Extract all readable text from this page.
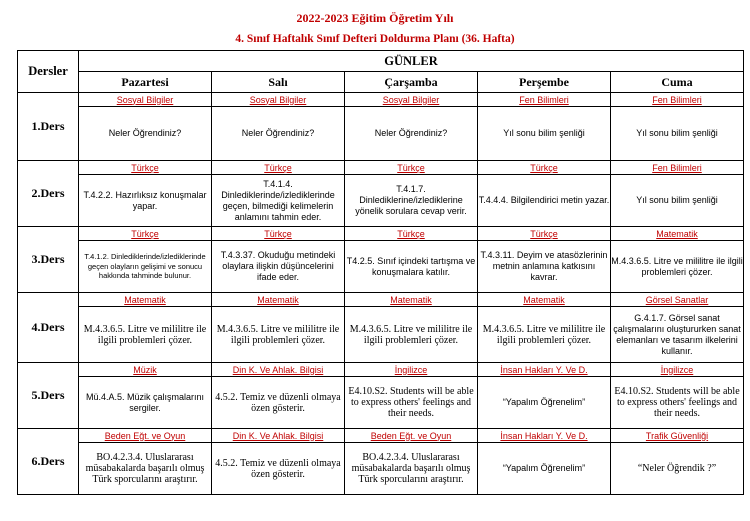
2022-2023 Eğitim Öğretim Yılı
4. Sınıf Haftalık Sınıf Defteri Doldurma Planı (36. Hafta)
Dersler	GÜNLER				
	Pazartesi	Salı	Çarşamba	Perşembe	Cuma
1.Ders	Sosyal Bilgiler	Sosyal Bilgiler	Sosyal Bilgiler	Fen Bilimleri	Fen Bilimleri
	Neler Öğrendiniz?	Neler Öğrendiniz?	Neler Öğrendiniz?	Yıl sonu bilim şenliği	Yıl sonu bilim şenliği
2.Ders	Türkçe	Türkçe	Türkçe	Türkçe	Fen Bilimleri
	T.4.2.2. Hazırlıksız konuşmalar yapar.	T.4.1.4. Dinlediklerinde/izlediklerinde geçen, bilmediği kelimelerin anlamını tahmin eder.	T.4.1.7. Dinlediklerine/izlediklerine yönelik sorulara cevap verir.	T.4.4.4. Bilgilendirici metin yazar.	Yıl sonu bilim şenliği
3.Ders	Türkçe	Türkçe	Türkçe	Türkçe	Matematik
	T.4.1.2. Dinlediklerinde/izlediklerinde geçen olayların gelişimi ve sonucu hakkında tahminde bulunur.	T.4.3.37. Okuduğu metindeki olaylara ilişkin düşüncelerini ifade eder.	T4.2.5. Sınıf içindeki tartışma ve konuşmalara katılır.	T.4.3.11. Deyim ve atasözlerinin metnin anlamına katkısını kavrar.	M.4.3.6.5. Litre ve mililitre ile ilgili problemleri çözer.
4.Ders	Matematik	Matematik	Matematik	Matematik	Görsel Sanatlar
	M.4.3.6.5. Litre ve mililitre ile ilgili problemleri çözer.	M.4.3.6.5. Litre ve mililitre ile ilgili problemleri çözer.	M.4.3.6.5. Litre ve mililitre ile ilgili problemleri çözer.	M.4.3.6.5. Litre ve mililitre ile ilgili problemleri çözer.	G.4.1.7. Görsel sanat çalışmalarını oluştururken sanat elemanları ve tasarım ilkelerini kullanır.
5.Ders	Müzik	Din K. Ve Ahlak. Bilgisi	İngilizce	İnsan Hakları Y. Ve D.	İngilizce
	Mü.4.A.5. Müzik çalışmalarını sergiler.	4.5.2. Temiz ve düzenli olmaya özen gösterir.	E4.10.S2. Students will be able to express others' feelings and their needs.	“Yapalım Öğrenelim”	E4.10.S2. Students will be able to express others' feelings and their needs.
6.Ders	Beden Eğt. ve Oyun	Din K. Ve Ahlak. Bilgisi	Beden Eğt. ve Oyun	İnsan Hakları Y. Ve D.	Trafik Güvenliği
	BO.4.2.3.4. Uluslararası müsabakalarda başarılı olmuş Türk sporcularını araştırır.	4.5.2. Temiz ve düzenli olmaya özen gösterir.	BO.4.2.3.4. Uluslararası müsabakalarda başarılı olmuş Türk sporcularını araştırır.	“Yapalım Öğrenelim”	“Neler Öğrendik ?”
